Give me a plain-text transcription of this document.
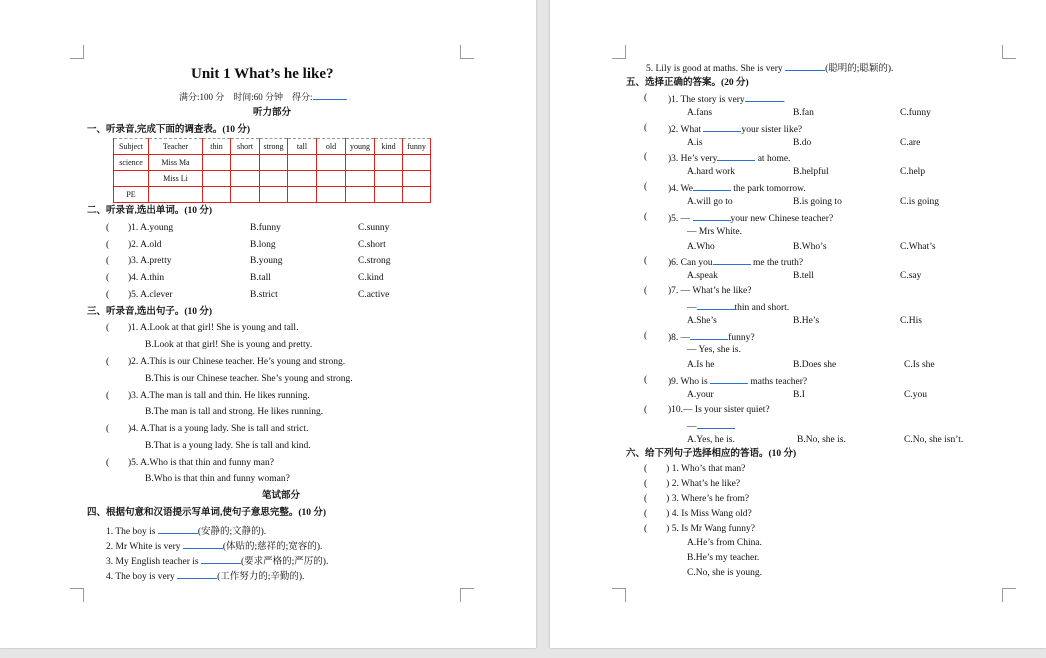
Unit 1 What’s he like?
满分:100 分 时间:60 分钟 得分:
听力部分
一、听录音,完成下面的调查表。(10 分)
Subject	Teacher	thin	short	strong	tall	old	young	kind	funny
science	Miss Ma								
	Miss Li								
PE									
二、听录音,选出单词。(10 分)
( )1. A.young	B.funny	C.sunny
( )2. A.old	B.long	C.short
( )3. A.pretty	B.young	C.strong
( )4. A.thin	B.tall	C.kind
( )5. A.clever	B.strict	C.active
三、听录音,选出句子。(10 分)
( )1. A.Look at that girl! She is young and tall.
B.Look at that girl! She is young and pretty.
( )2. A.This is our Chinese teacher. He’s young and strong.
B.This is our Chinese teacher. She’s young and strong.
( )3. A.The man is tall and thin. He likes running.
B.The man is tall and strong. He likes running.
( )4. A.That is a young lady. She is tall and strict.
B.That is a young lady. She is tall and kind.
( )5. A.Who is that thin and funny man?
B.Who is that thin and funny woman?
笔试部分
四、根据句意和汉语提示写单词,使句子意思完整。(10 分)
1. The boy is	(安静的;文静的).
2. Mr White is very	(体贴的;慈祥的;宽容的).
3. My English teacher is	(要求严格的;严厉的).
4. The boy is very	(工作努力的;辛勤的).
5. Lily is good at maths. She is very	(聪明的;聪颖的).
五、选择正确的答案。(20 分)
( )1. The story is very	.
A.fans	B.fan	C.funny
( )2. What	your sister like?
A.is	B.do	C.are
( )3. He’s very	at home.
A.hard work	B.helpful	C.help
( )4. We	the park tomorrow.
A.will go to	B.is going to	C.is going
( )5. —	your new Chinese teacher?
— Mrs White.
A.Who	B.Who’s	C.What’s
( )6. Can you	me the truth?
A.speak	B.tell	C.say
( )7. — What’s he like?
—	thin and short.
A.She’s	B.He’s	C.His
( )8. —	funny?
— Yes, she is.
A.Is he	B.Does she	C.Is she
( )9. Who is	maths teacher?
A.your	B.I	C.you
( )10.— Is your sister quiet?
—
A.Yes, he is.	B.No, she is.	C.No, she isn’t.
六、给下列句子选择相应的答语。(10 分)
(　　) 1. Who’s that man?
(　　) 2. What’s he like?
(　　) 3. Where’s he from?
(　　) 4. Is Miss Wang old?
(　　) 5. Is Mr Wang funny?
A.He’s from China.
B.He’s my teacher.
C.No, she is young.
